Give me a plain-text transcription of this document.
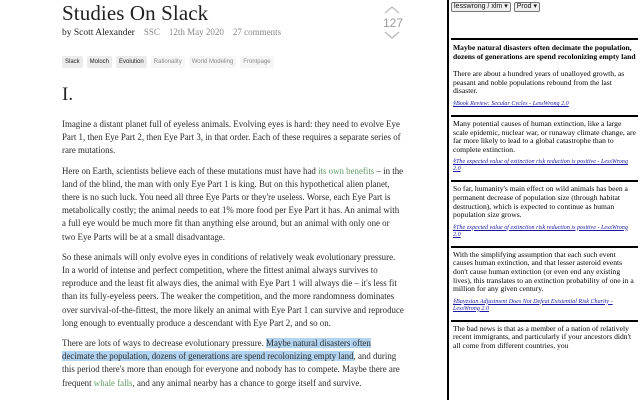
Studies On Slack
by Scott Alexander SSC 12th May 2020 27 comments
127
Slack	Moloch	Evolution	Rationality	World Modeling	Frontpage
I.

Imagine a distant planet full of eyeless animals. Evolving eyes is hard: they need to evolve Eye Part 1, then Eye Part 2, then Eye Part 3, in that order. Each of these requires a separate series of rare mutations.

Here on Earth, scientists believe each of these mutations must have had its own benefits – in the land of the blind, the man with only Eye Part 1 is king. But on this hypothetical alien planet, there is no such luck. You need all three Eye Parts or they're useless. Worse, each Eye Part is metabolically costly; the animal needs to eat 1% more food per Eye Part it has. An animal with a full eye would be much more fit than anything else around, but an animal with only one or two Eye Parts will be at a small disadvantage.

So these animals will only evolve eyes in conditions of relatively weak evolutionary pressure. In a world of intense and perfect competition, where the fittest animal always survives to reproduce and the least fit always dies, the animal with Eye Part 1 will always die – it's less fit than its fully-eyeless peers. The weaker the competition, and the more randomness dominates over survival-of-the-fittest, the more likely an animal with Eye Part 1 can survive and reproduce long enough to eventually produce a descendant with Eye Part 2, and so on.

There are lots of ways to decrease evolutionary pressure. Maybe natural disasters often decimate the population, dozens of generations are spend recolonizing empty land, and during this period there's more than enough for everyone and nobody has to compete. Maybe there are frequent whale falls, and any animal nearby has a chance to gorge itself and survive.

lesswrong / xlm ▾	Prod ▾
Maybe natural disasters often decimate the population, dozens of generations are spend recolonizing empty land
There are about a hundred years of unalloyed growth, as peasant and noble populations rebound from the last disaster.
§Book Review: Secular Cycles - LessWrong 2.0
Many potential causes of human extinction, like a large scale epidemic, nuclear war, or runaway climate change, are far more likely to lead to a global catastrophe than to complete extinction.
§The expected value of extinction risk reduction is positive - LessWrong 2.0
So far, humanity's main effect on wild animals has been a permanent decrease of population size (through habitat destruction), which is expected to continue as human population size grows.
§The expected value of extinction risk reduction is positive - LessWrong 2.0
With the simplifying assumption that each such event causes human extinction, and that lesser asteroid events don't cause human extinction (or even end any existing lives), this translates to an extinction probability of one in a million for any given century.
§Bayesian Adjustment Does Not Defeat Existential Risk Charity - LessWrong 2.0
The bad news is that as a member of a nation of relatively recent immigrants, and particularly if your ancestors didn't all come from different countries, you
